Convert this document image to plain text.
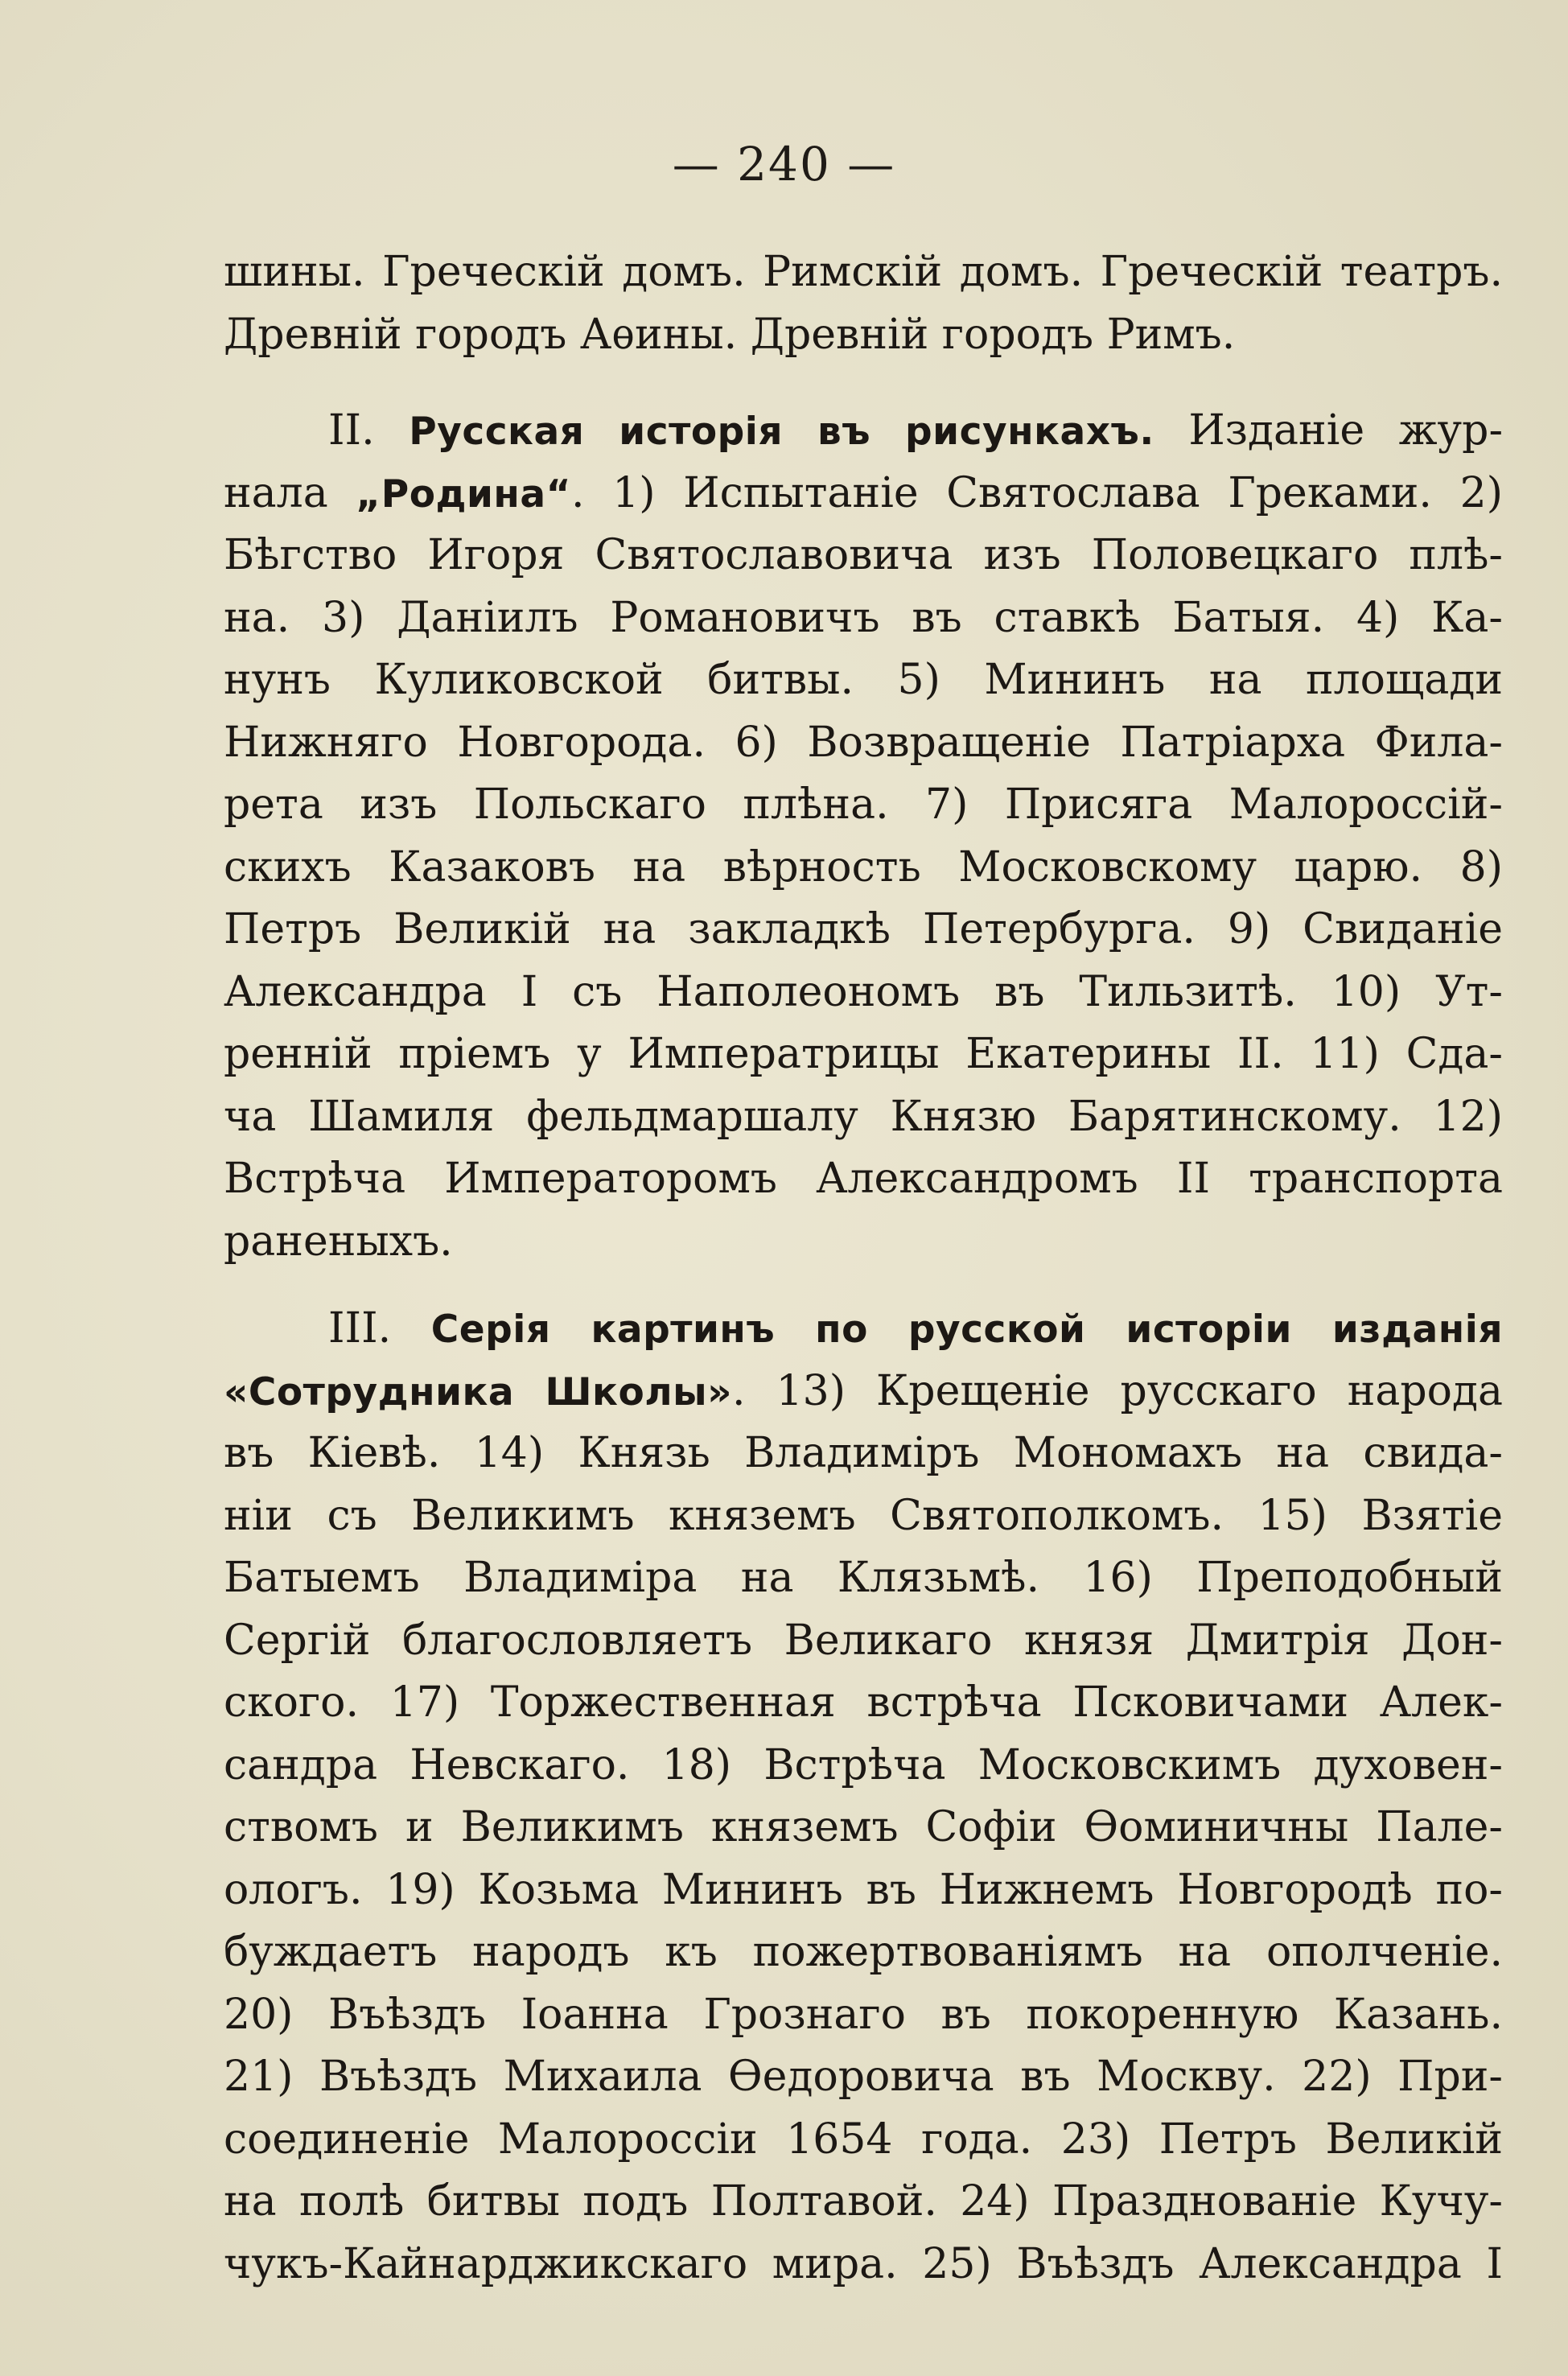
— 240 —
шины. Греческій домъ. Римскій домъ. Греческій театръ.
Древній городъ Аѳины. Древній городъ Римъ.
II. Русская исторія въ рисункахъ. Изданіе жур-
нала „Родина“. 1) Испытаніе Святослава Греками. 2)
Бѣгство Игоря Святославовича изъ Половецкаго плѣ-
на. 3) Даніилъ Романовичъ въ ставкѣ Батыя. 4) Ка-
нунъ Куликовской битвы. 5) Мининъ на площади
Нижняго Новгорода. 6) Возвращеніе Патріарха Фила-
рета изъ Польскаго плѣна. 7) Присяга Малороссій-
скихъ Казаковъ на вѣрность Московскому царю. 8)
Петръ Великій на закладкѣ Петербурга. 9) Свиданіе
Александра I съ Наполеономъ въ Тильзитѣ. 10) Ут-
ренній пріемъ у Императрицы Екатерины II. 11) Сда-
ча Шамиля фельдмаршалу Князю Барятинскому. 12)
Встрѣча Императоромъ Александромъ II транспорта
раненыхъ.
III. Серія картинъ по русской исторіи изданія
«Сотрудника Школы». 13) Крещеніе русскаго народа
въ Кіевѣ. 14) Князь Владиміръ Мономахъ на свида-
ніи съ Великимъ княземъ Святополкомъ. 15) Взятіе
Батыемъ Владиміра на Клязьмѣ. 16) Преподобный
Сергій благословляетъ Великаго князя Дмитрія Дон-
ского. 17) Торжественная встрѣча Псковичами Алек-
сандра Невскаго. 18) Встрѣча Московскимъ духовен-
ствомъ и Великимъ княземъ Софіи Ѳоминичны Пале-
ологъ. 19) Козьма Мининъ въ Нижнемъ Новгородѣ по-
буждаетъ народъ къ пожертвованіямъ на ополченіе.
20) Въѣздъ Іоанна Грознаго въ покоренную Казань.
21) Въѣздъ Михаила Ѳедоровича въ Москву. 22) При-
соединеніе Малороссіи 1654 года. 23) Петръ Великій
на полѣ битвы подъ Полтавой. 24) Празднованіе Кучу-
чукъ-Кайнарджикскаго мира. 25) Въѣздъ Александра I
